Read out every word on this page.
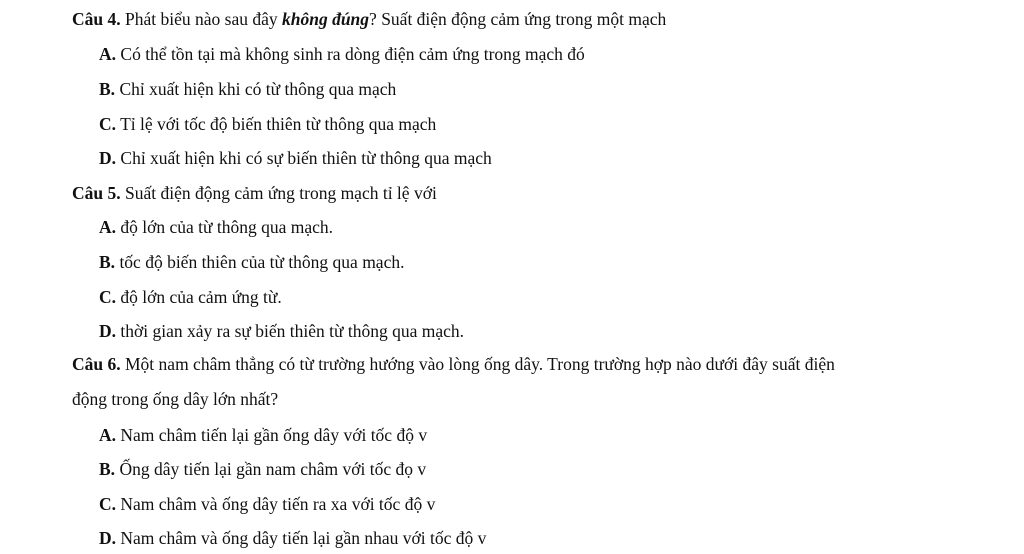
Câu 4. Phát biểu nào sau đây không đúng? Suất điện động cảm ứng trong một mạch
A. Có thể tồn tại mà không sinh ra dòng điện cảm ứng trong mạch đó
B. Chỉ xuất hiện khi có từ thông qua mạch
C. Tỉ lệ với tốc độ biến thiên từ thông qua mạch
D. Chỉ xuất hiện khi có sự biến thiên từ thông qua mạch
Câu 5. Suất điện động cảm ứng trong mạch tỉ lệ với
A. độ lớn của từ thông qua mạch.
B. tốc độ biến thiên của từ thông qua mạch.
C. độ lớn của cảm ứng từ.
D. thời gian xảy ra sự biến thiên từ thông qua mạch.
Câu 6. Một nam châm thẳng có từ trường hướng vào lòng ống dây. Trong trường hợp nào dưới đây suất điện
động trong ống dây lớn nhất?
A. Nam châm tiến lại gần ống dây với tốc độ v
B. Ống dây tiến lại gần nam châm với tốc đọ v
C. Nam châm và ống dây tiến ra xa với tốc độ v
D. Nam châm và ống dây tiến lại gần nhau với tốc độ v
